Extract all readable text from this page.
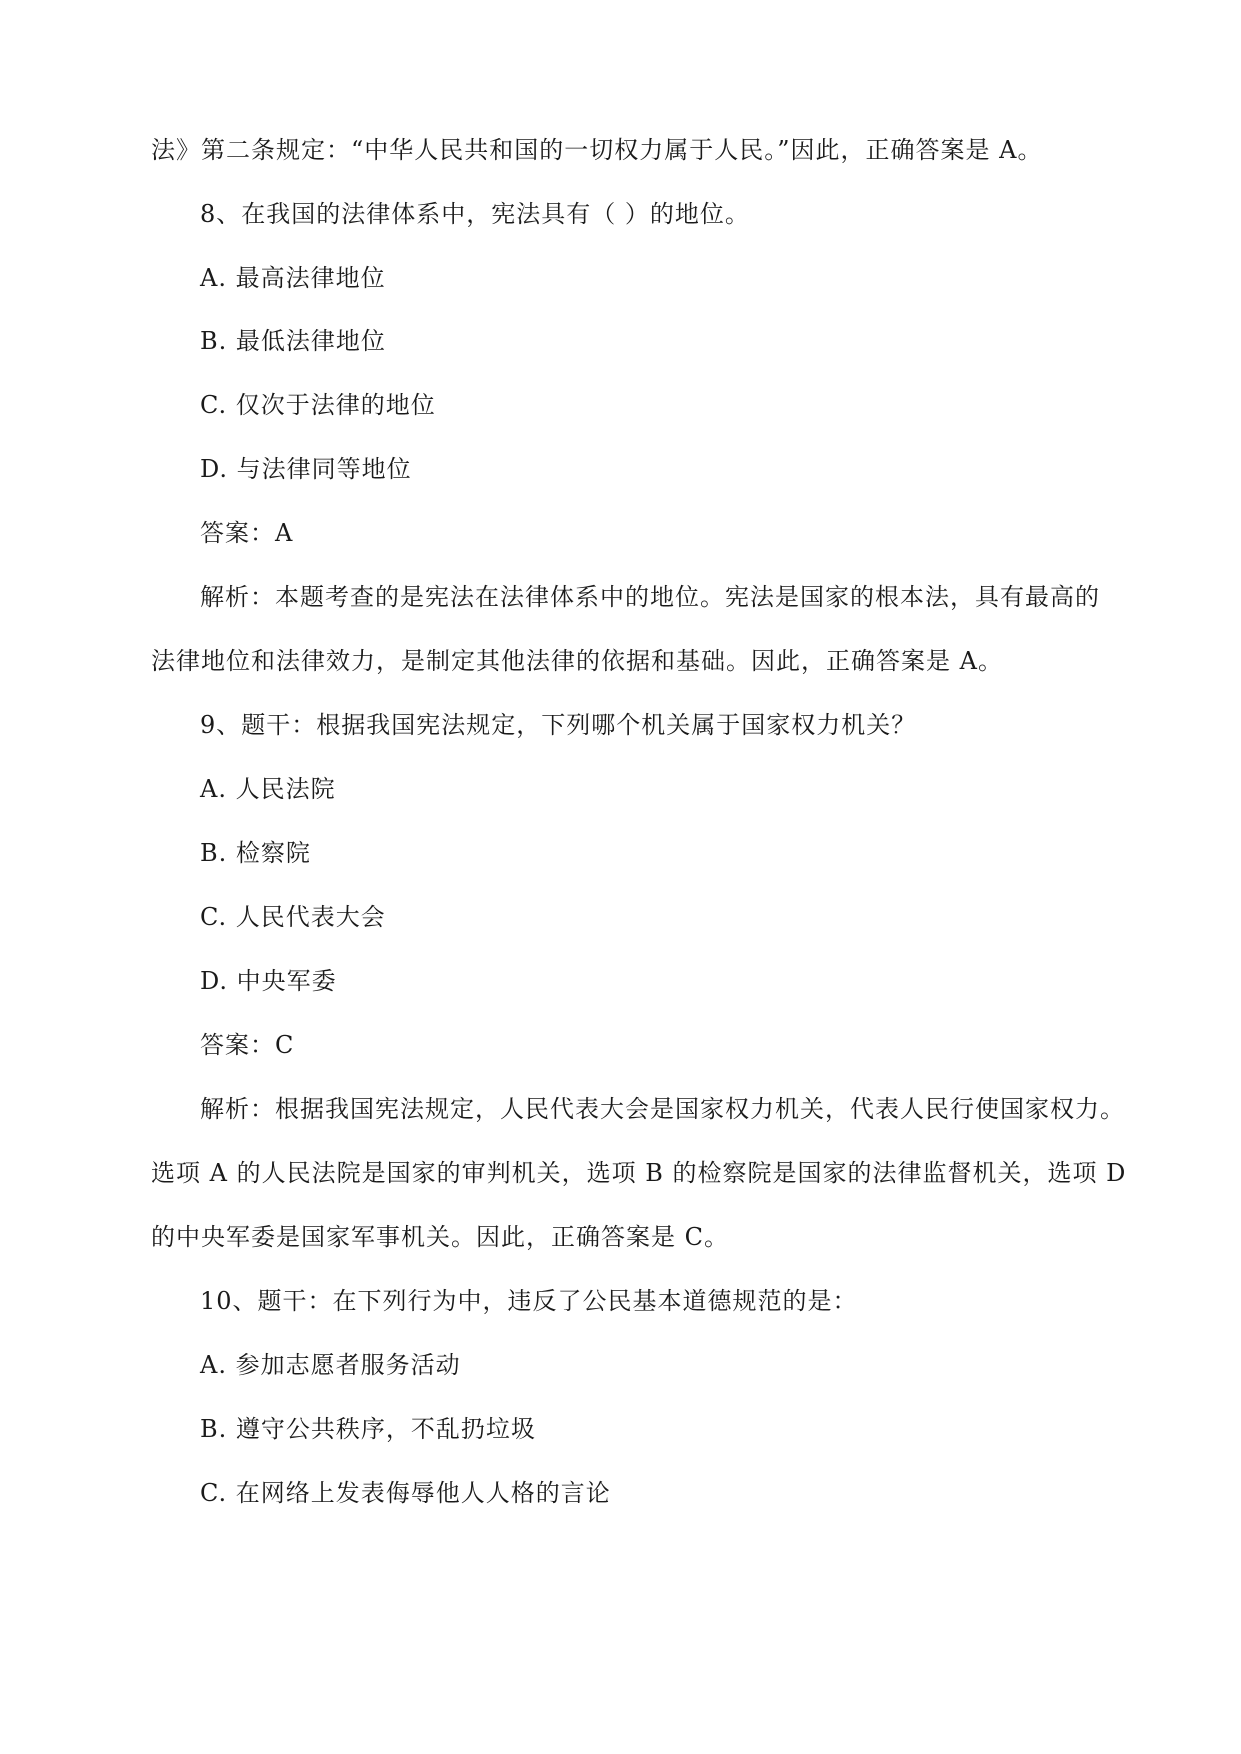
法》第二条规定：“中华人民共和国的一切权力属于人民。”因此，正确答案是 A。
8、在我国的法律体系中，宪法具有（ ）的地位。
A. 最高法律地位
B. 最低法律地位
C. 仅次于法律的地位
D. 与法律同等地位
答案：A
解析：本题考查的是宪法在法律体系中的地位。宪法是国家的根本法，具有最高的
法律地位和法律效力，是制定其他法律的依据和基础。因此，正确答案是 A。
9、题干：根据我国宪法规定，下列哪个机关属于国家权力机关？
A. 人民法院
B. 检察院
C. 人民代表大会
D. 中央军委
答案：C
解析：根据我国宪法规定，人民代表大会是国家权力机关，代表人民行使国家权力。
选项 A 的人民法院是国家的审判机关，选项 B 的检察院是国家的法律监督机关，选项 D
的中央军委是国家军事机关。因此，正确答案是 C。
10、题干：在下列行为中，违反了公民基本道德规范的是：
A. 参加志愿者服务活动
B. 遵守公共秩序，不乱扔垃圾
C. 在网络上发表侮辱他人人格的言论
